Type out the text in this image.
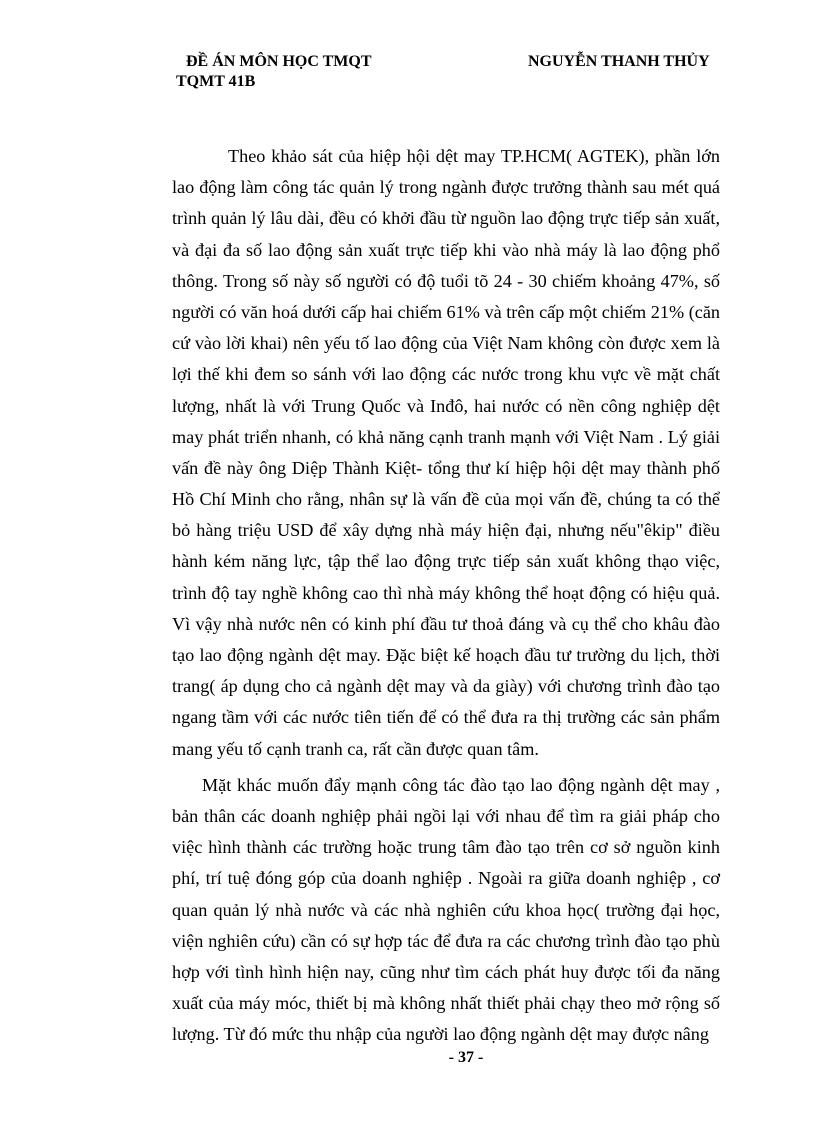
ĐỀ ÁN MÔN HỌC TMQT	NGUYỄN THANH THỦY
TQMT 41B
Theo khảo sát của hiệp hội dệt may TP.HCM( AGTEK), phần lớn
lao động làm công tác quản lý trong ngành được trưởng thành sau mét quá
trình quản lý lâu dài, đều có khởi đầu từ nguồn lao động trực tiếp sản xuất,
và đại đa số lao động sản xuất trực tiếp khi vào nhà máy là lao động phổ
thông. Trong số này số người có độ tuổi tõ 24 - 30 chiếm khoảng 47%, số
người có văn hoá dưới cấp hai chiếm 61% và trên cấp một chiếm 21% (căn
cứ vào lời khai) nên yếu tố lao động của Việt Nam không còn được xem là
lợi thế khi đem so sánh với lao động các nước trong khu vực về mặt chất
lượng, nhất là với Trung Quốc và Inđô, hai nước có nền công nghiệp dệt
may phát triển nhanh, có khả năng cạnh tranh mạnh với Việt Nam . Lý giải
vấn đề này ông Diệp Thành Kiệt- tổng thư kí hiệp hội dệt may thành phố
Hồ Chí Minh cho rằng, nhân sự là vấn đề của mọi vấn đề, chúng ta có thể
bỏ hàng triệu USD để xây dựng nhà máy hiện đại, nhưng nếu"êkip" điều
hành kém năng lực, tập thể lao động trực tiếp sản xuất không thạo việc,
trình độ tay nghề không cao thì nhà máy không thể hoạt động có hiệu quả.
Vì vậy nhà nước nên có kinh phí đầu tư thoả đáng và cụ thể cho khâu đào
tạo lao động ngành dệt may. Đặc biệt kế hoạch đầu tư trường du lịch, thời
trang( áp dụng cho cả ngành dệt may và da giày) với chương trình đào tạo
ngang tầm với các nước tiên tiến để có thể đưa ra thị trường các sản phẩm
mang yếu tố cạnh tranh ca, rất cần được quan tâm.
Mặt khác muốn đẩy mạnh công tác đào tạo lao động ngành dệt may ,
bản thân các doanh nghiệp phải ngồi lại với nhau để tìm ra giải pháp cho
việc hình thành các trường hoặc trung tâm đào tạo trên cơ sở nguồn kinh
phí, trí tuệ đóng góp của doanh nghiệp . Ngoài ra giữa doanh nghiệp , cơ
quan quản lý nhà nước và các nhà nghiên cứu khoa học( trường đại học,
viện nghiên cứu) cần có sự hợp tác để đưa ra các chương trình đào tạo phù
hợp với tình hình hiện nay, cũng như tìm cách phát huy được tối đa năng
xuất của máy móc, thiết bị mà không nhất thiết phải chạy theo mở rộng số
lượng. Từ đó mức thu nhập của người lao động ngành dệt may được nâng
- 37 -
